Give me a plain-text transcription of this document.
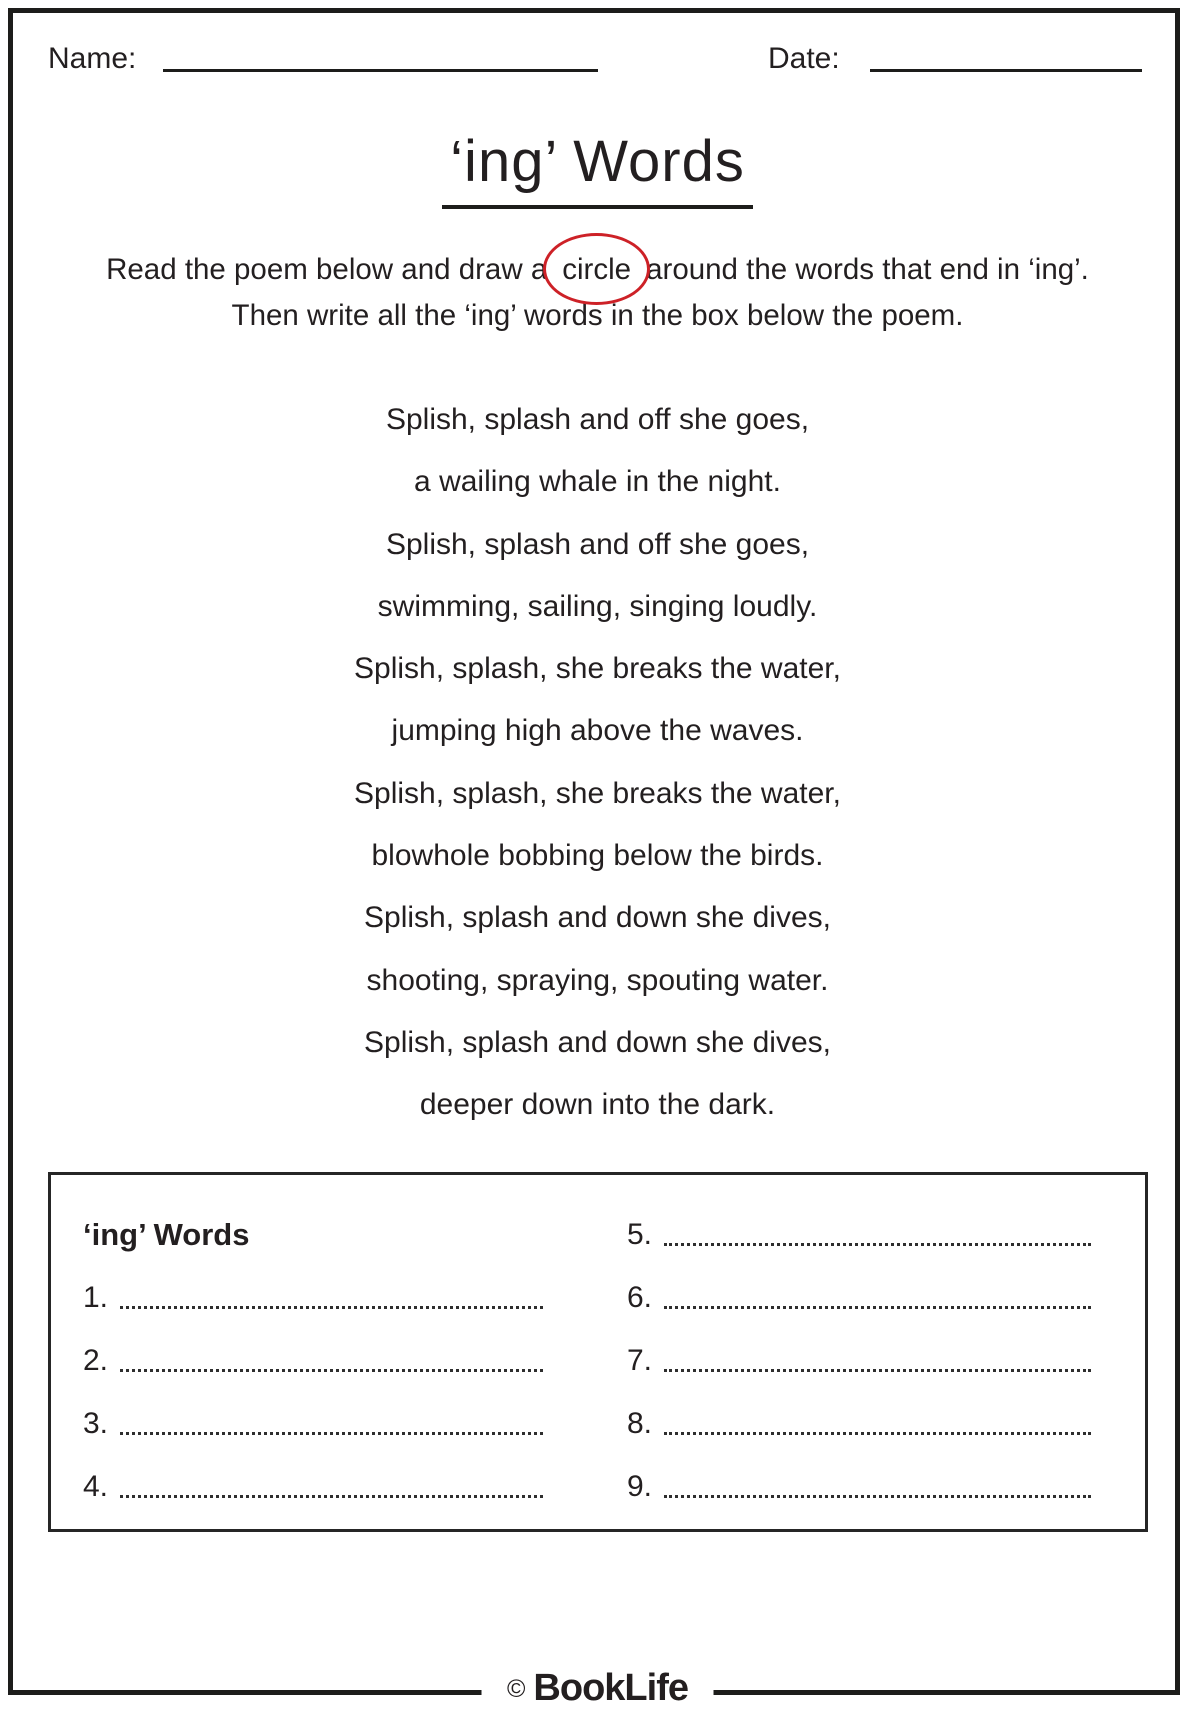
Name:	Date:
‘ing’ Words
Read the poem below and draw a circle around the words that end in ‘ing’.
Then write all the ‘ing’ words in the box below the poem.
Splish, splash and off she goes,
a wailing whale in the night.
Splish, splash and off she goes,
swimming, sailing, singing loudly.
Splish, splash, she breaks the water,
jumping high above the waves.
Splish, splash, she breaks the water,
blowhole bobbing below the birds.
Splish, splash and down she dives,
shooting, spraying, spouting water.
Splish, splash and down she dives,
deeper down into the dark.
‘ing’ Words
1.
2.
3.
4.
5.
6.
7.
8.
9.
© BookLife
